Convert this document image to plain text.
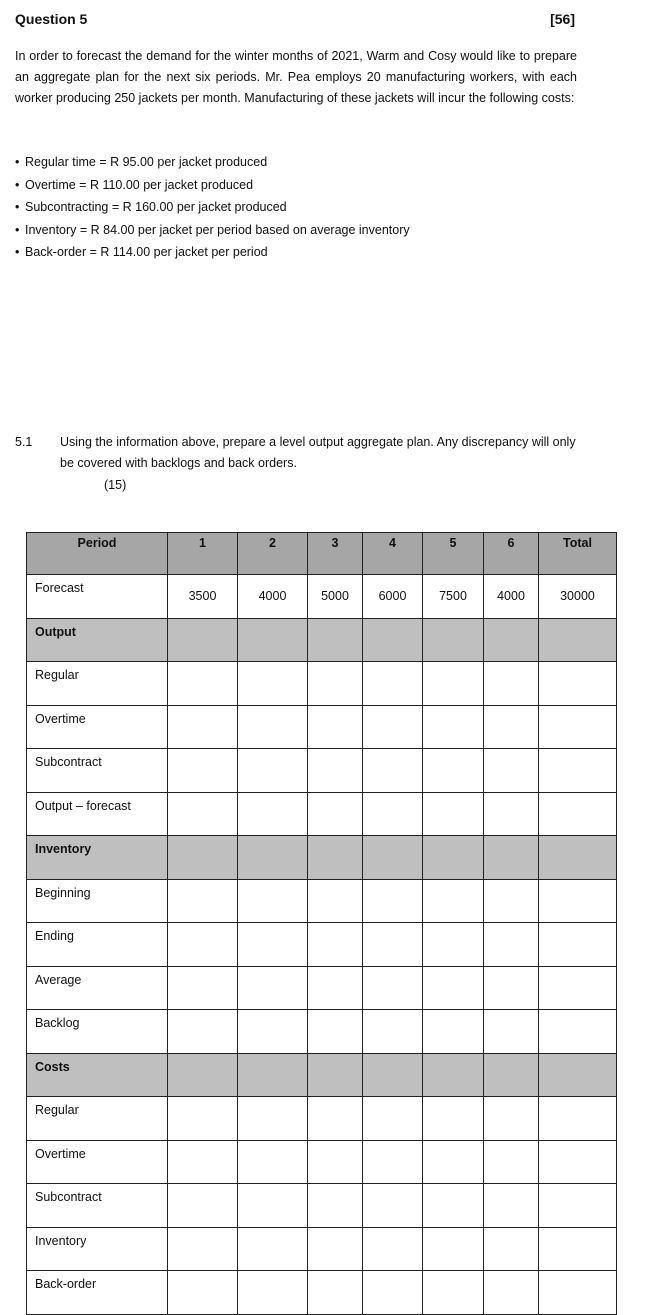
Question 5	[56]

In order to forecast the demand for the winter months of 2021, Warm and Cosy would like to prepare an aggregate plan for the next six periods. Mr. Pea employs 20 manufacturing workers, with each worker producing 250 jackets per month. Manufacturing of these jackets will incur the following costs:

• Regular time = R 95.00 per jacket produced
• Overtime = R 110.00 per jacket produced
• Subcontracting = R 160.00 per jacket produced
• Inventory = R 84.00 per jacket per period based on average inventory
• Back-order = R 114.00 per jacket per period
5.1 Using the information above, prepare a level output aggregate plan. Any discrepancy will only be covered with backlogs and back orders.

(15)
Period	1	2	3	4	5	6	Total
Forecast	3500	4000	5000	6000	7500	4000	30000
Output							
Regular							
Overtime							
Subcontract							
Output – forecast							
Inventory							
Beginning							
Ending							
Average							
Backlog							
Costs							
Regular							
Overtime							
Subcontract							
Inventory							
Back-order							
